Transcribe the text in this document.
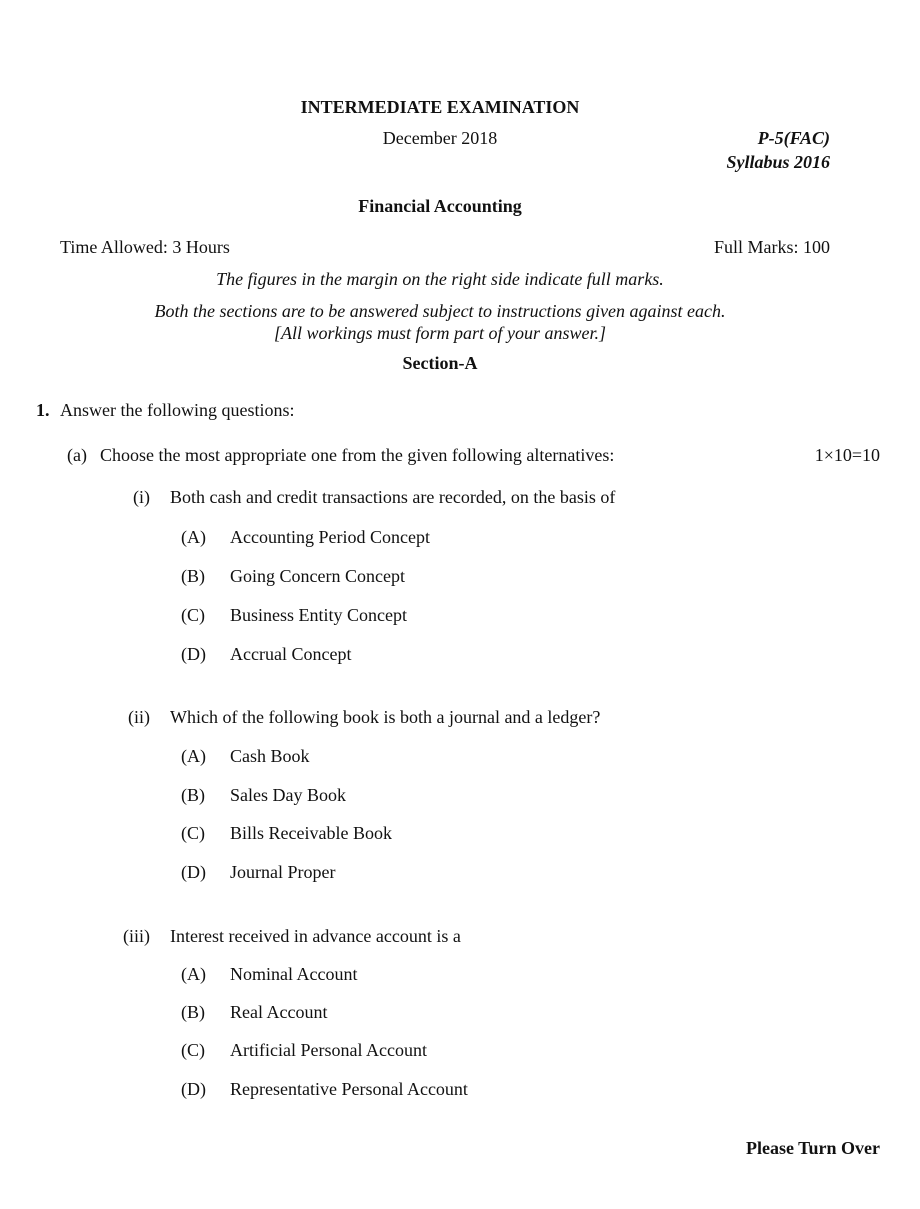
INTERMEDIATE EXAMINATION
December 2018	P-5(FAC)
Syllabus 2016
Financial Accounting
Time Allowed: 3 Hours	Full Marks: 100
The figures in the margin on the right side indicate full marks.
Both the sections are to be answered subject to instructions given against each.
[All workings must form part of your answer.]
Section-A
1. Answer the following questions:
(a) Choose the most appropriate one from the given following alternatives:	1×10=10
(i) Both cash and credit transactions are recorded, on the basis of
(A) Accounting Period Concept
(B) Going Concern Concept
(C) Business Entity Concept
(D) Accrual Concept
(ii) Which of the following book is both a journal and a ledger?
(A) Cash Book
(B) Sales Day Book
(C) Bills Receivable Book
(D) Journal Proper
(iii) Interest received in advance account is a
(A) Nominal Account
(B) Real Account
(C) Artificial Personal Account
(D) Representative Personal Account
Please Turn Over
